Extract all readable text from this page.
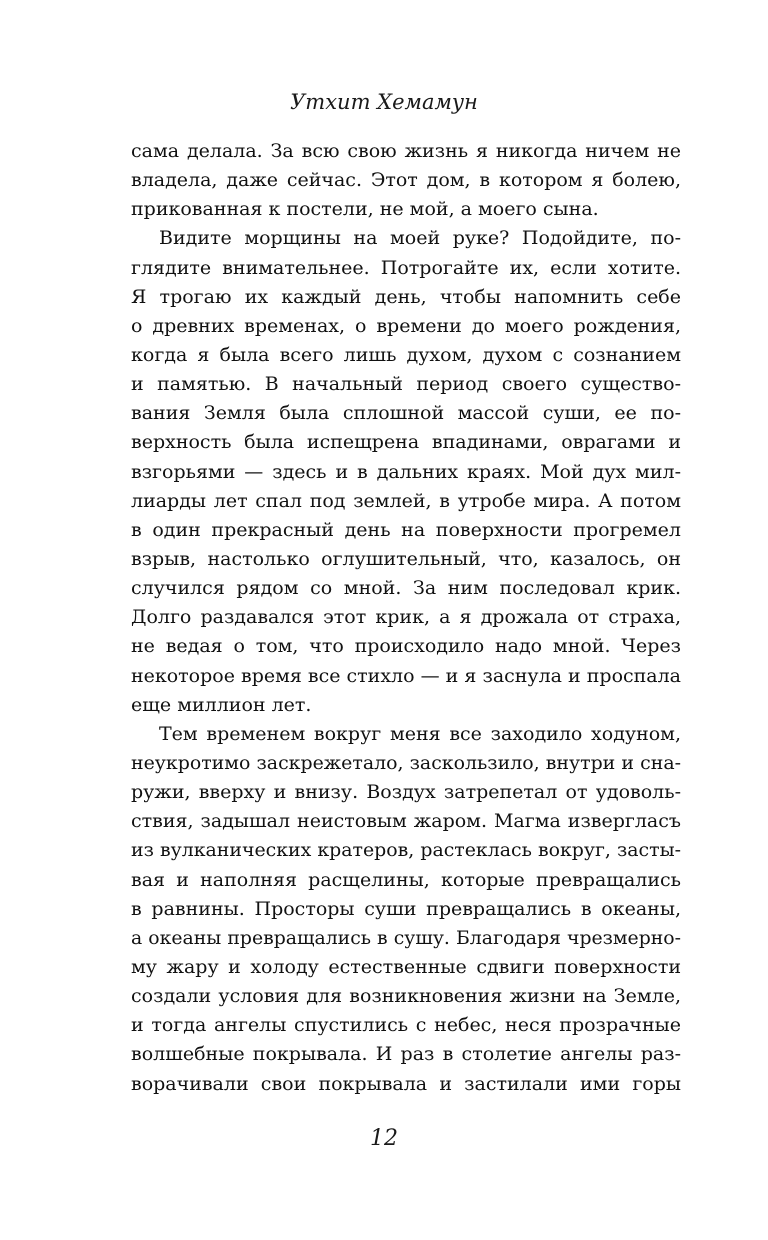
Утхит Хемамун
сама делала. За всю свою жизнь я никогда ничем не
владела, даже сейчас. Этот дом, в котором я болею,
прикованная к постели, не мой, а моего сына.
Видите морщины на моей руке? Подойдите, по-
глядите внимательнее. Потрогайте их, если хотите.
Я трогаю их каждый день, чтобы напомнить себе
о древних временах, о времени до моего рождения,
когда я была всего лишь духом, духом с сознанием
и памятью. В начальный период своего существо-
вания Земля была сплошной массой суши, ее по-
верхность была испещрена впадинами, оврагами и
взгорьями — здесь и в дальних краях. Мой дух мил-
лиарды лет спал под землей, в утробе мира. А потом
в один прекрасный день на поверхности прогремел
взрыв, настолько оглушительный, что, казалось, он
случился рядом со мной. За ним последовал крик.
Долго раздавался этот крик, а я дрожала от страха,
не ведая о том, что происходило надо мной. Через
некоторое время все стихло — и я заснула и проспала
еще миллион лет.
Тем временем вокруг меня все заходило ходуном,
неукротимо заскрежетало, заскользило, внутри и сна-
ружи, вверху и внизу. Воздух затрепетал от удоволь-
ствия, задышал неистовым жаром. Магма извергласъ
из вулканических кратеров, растеклась вокруг, засты-
вая и наполняя расщелины, которые превращались
в равнины. Просторы суши превращались в океаны,
а океаны превращались в сушу. Благодаря чрезмерно-
му жару и холоду естественные сдвиги поверхности
создали условия для возникновения жизни на Земле,
и тогда ангелы спустились с небес, неся прозрачные
волшебные покрывала. И раз в столетие ангелы раз-
ворачивали свои покрывала и застилали ими горы
12
